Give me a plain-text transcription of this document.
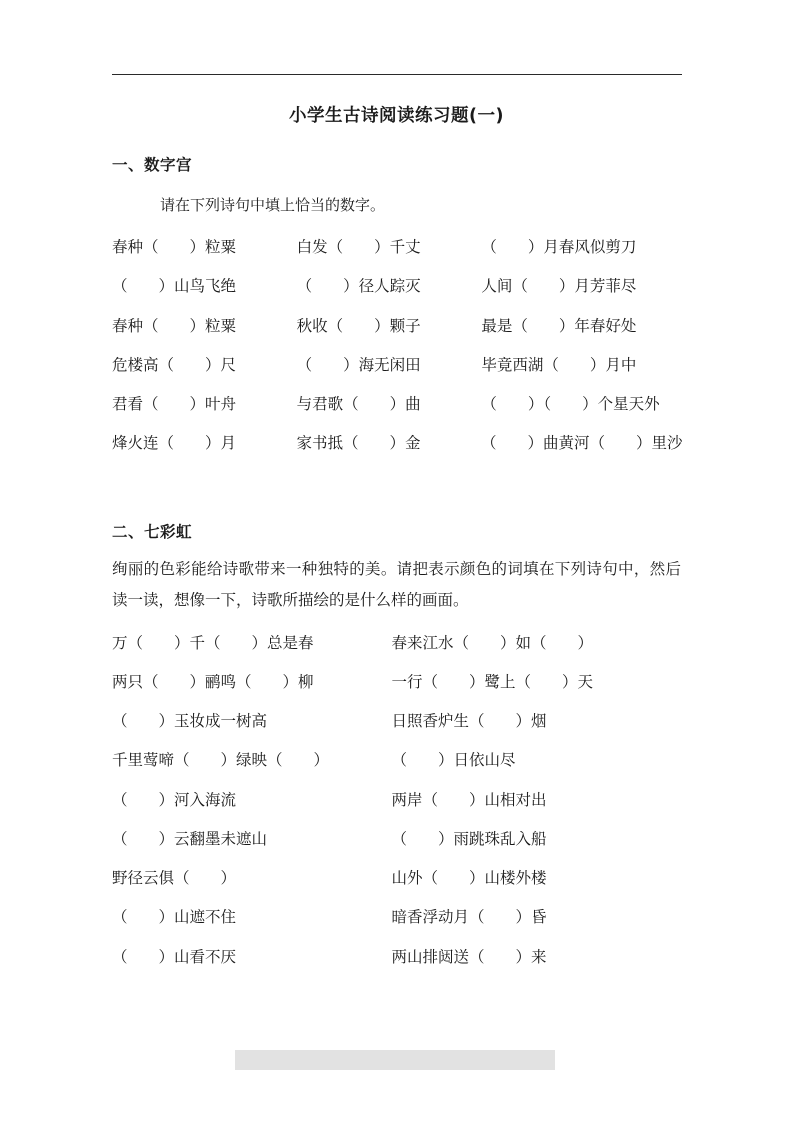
小学生古诗阅读练习题(一)
一、数字宫

请在下列诗句中填上恰当的数字。

春种（　　）粒粟	白发（　　）千丈	（　　）月春风似剪刀
（　　）山鸟飞绝	（　　）径人踪灭	人间（　　）月芳菲尽
春种（　　）粒粟	秋收（　　）颗子	最是（　　）年春好处
危楼高（　　）尺	（　　）海无闲田	毕竟西湖（　　）月中
君看（　　）叶舟	与君歌（　　）曲	（　　）（　　）个星天外
烽火连（　　）月	家书抵（　　）金	（　　）曲黄河（　　）里沙
二、七彩虹

绚丽的色彩能给诗歌带来一种独特的美。请把表示颜色的词填在下列诗句中，然后读一读，想像一下，诗歌所描绘的是什么样的画面。

万（　　）千（　　）总是春	春来江水（　　）如（　　）
两只（　　）鹂鸣（　　）柳	一行（　　）鹭上（　　）天
（　　）玉妆成一树高	日照香炉生（　　）烟
千里莺啼（　　）绿映（　　）	（　　）日依山尽
（　　）河入海流	两岸（　　）山相对出
（　　）云翻墨未遮山	（　　）雨跳珠乱入船
野径云俱（　　）	山外（　　）山楼外楼
（　　）山遮不住	暗香浮动月（　　）昏
（　　）山看不厌	两山排闼送（　　）来
